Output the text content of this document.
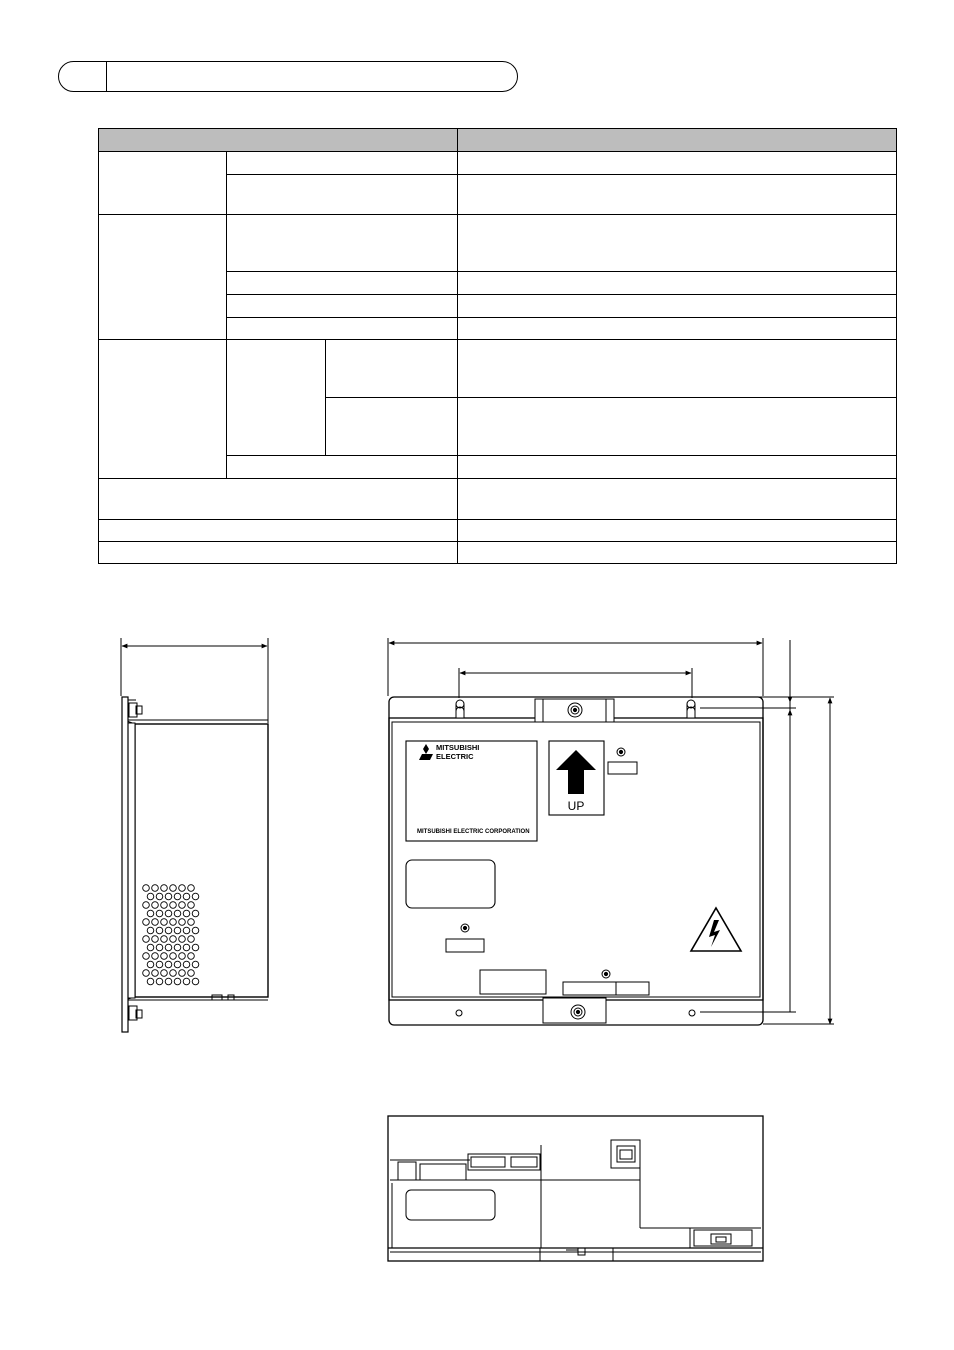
MITSUBISHI
ELECTRIC
MITSUBISHI ELECTRIC CORPORATION
UP
